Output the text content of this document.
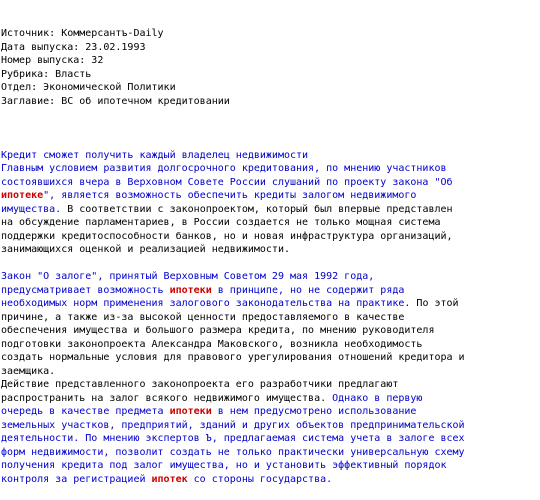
Источник: Коммерсантъ-Daily
Дата выпуска: 23.02.1993
Номер выпуска: 32
Рубрика: Власть
Отдел: Экономической Политики
Заглавие: ВС об ипотечном кредитовании

Кредит сможет получить каждый владелец недвижимости
Главным условием развития долгосрочного кредитования, по мнению участников
состоявшихся вчера в Верховном Совете России слушаний по проекту закона "Об
ипотеке", является возможность обеспечить кредиты залогом недвижимого
имущества. В соответствии с законопроектом, который был впервые представлен
на обсуждение парламентариев, в России создается не только мощная система
поддержки кредитоспособности банков, но и новая инфраструктура организаций,
занимающихся оценкой и реализацией недвижимости.
Закон "О залоге", принятый Верховным Советом 29 мая 1992 года,
предусматривает возможность ипотеки в принципе, но не содержит ряда
необходимых норм применения залогового законодательства на практике. По этой
причине, а также из-за высокой ценности предоставляемого в качестве
обеспечения имущества и большого размера кредита, по мнению руководителя
подготовки законопроекта Александра Маковского, возникла необходимость
создать нормальные условия для правового урегулирования отношений кредитора и
заемщика.
Действие представленного законопроекта его разработчики предлагают
распространить на залог всякого недвижимого имущества. Однако в первую
очередь в качестве предмета ипотеки в нем предусмотрено использование
земельных участков, предприятий, зданий и других объектов предпринимательской
деятельности. По мнению экспертов Ъ, предлагаемая система учета в залоге всех
форм недвижимости, позволит создать не только практически универсальную схему
получения кредита под залог имущества, но и установить эффективный порядок
контроля за регистрацией ипотек со стороны государства.
